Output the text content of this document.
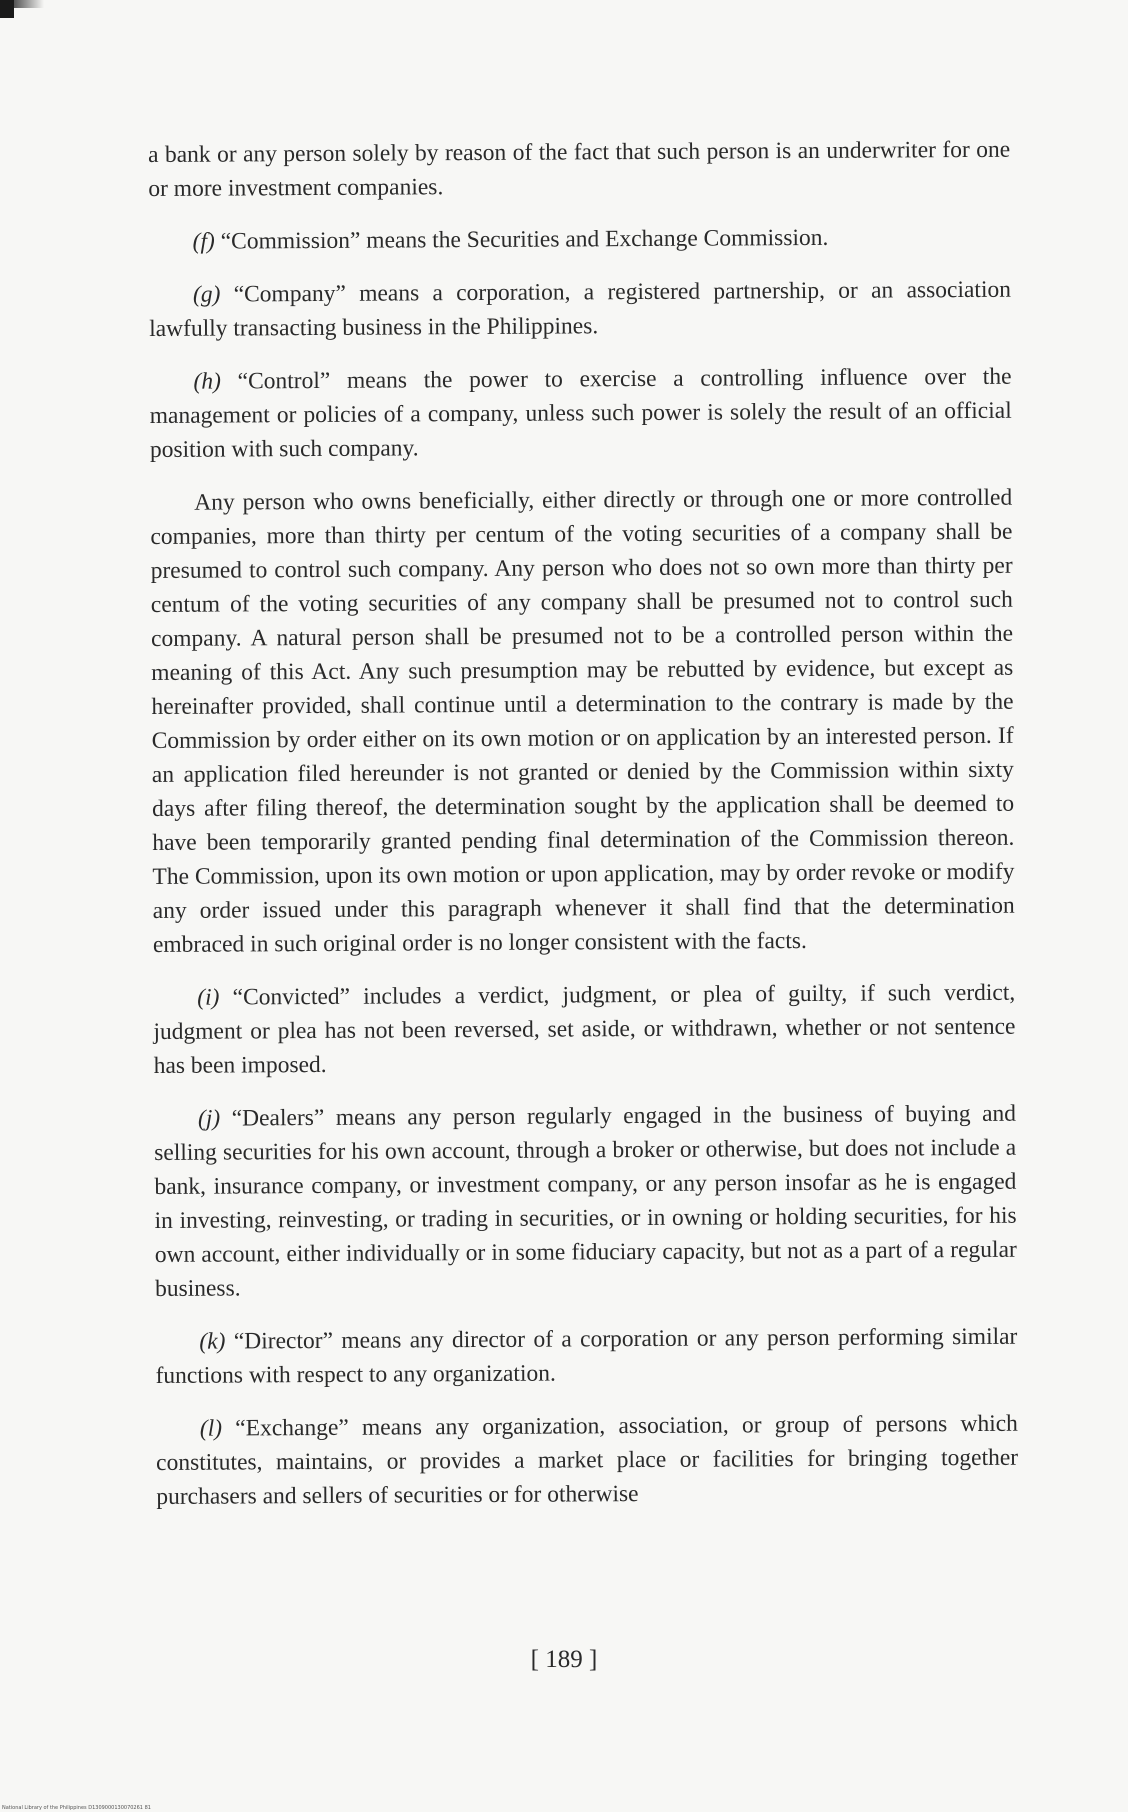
a bank or any person solely by reason of the fact that such person is an underwriter for one or more investment companies.

(f) “Commission” means the Securities and Exchange Commission.

(g) “Company” means a corporation, a registered partnership, or an association lawfully transacting business in the Philippines.

(h) “Control” means the power to exercise a controlling influence over the management or policies of a company, unless such power is solely the result of an official position with such company.

Any person who owns beneficially, either directly or through one or more controlled companies, more than thirty per centum of the voting securities of a company shall be presumed to control such company. Any person who does not so own more than thirty per centum of the voting securities of any company shall be presumed not to control such company. A natural person shall be presumed not to be a controlled person within the meaning of this Act. Any such presumption may be rebutted by evidence, but except as hereinafter provided, shall continue until a determination to the contrary is made by the Commission by order either on its own motion or on application by an interested person. If an application filed hereunder is not granted or denied by the Commission within sixty days after filing thereof, the determination sought by the application shall be deemed to have been temporarily granted pending final determination of the Commission thereon. The Commission, upon its own motion or upon application, may by order revoke or modify any order issued under this paragraph whenever it shall find that the determination embraced in such original order is no longer consistent with the facts.

(i) “Convicted” includes a verdict, judgment, or plea of guilty, if such verdict, judgment or plea has not been reversed, set aside, or withdrawn, whether or not sentence has been imposed.

(j) “Dealers” means any person regularly engaged in the business of buying and selling securities for his own account, through a broker or otherwise, but does not include a bank, insurance company, or investment company, or any person insofar as he is engaged in investing, reinvesting, or trading in securities, or in owning or holding securities, for his own account, either individually or in some fiduciary capacity, but not as a part of a regular business.

(k) “Director” means any director of a corporation or any person performing similar functions with respect to any organization.

(l) “Exchange” means any organization, association, or group of persons which constitutes, maintains, or provides a market place or facilities for bringing together purchasers and sellers of securities or for otherwise

[ 189 ]
National Library of the Philippines D1309000130070261 81
